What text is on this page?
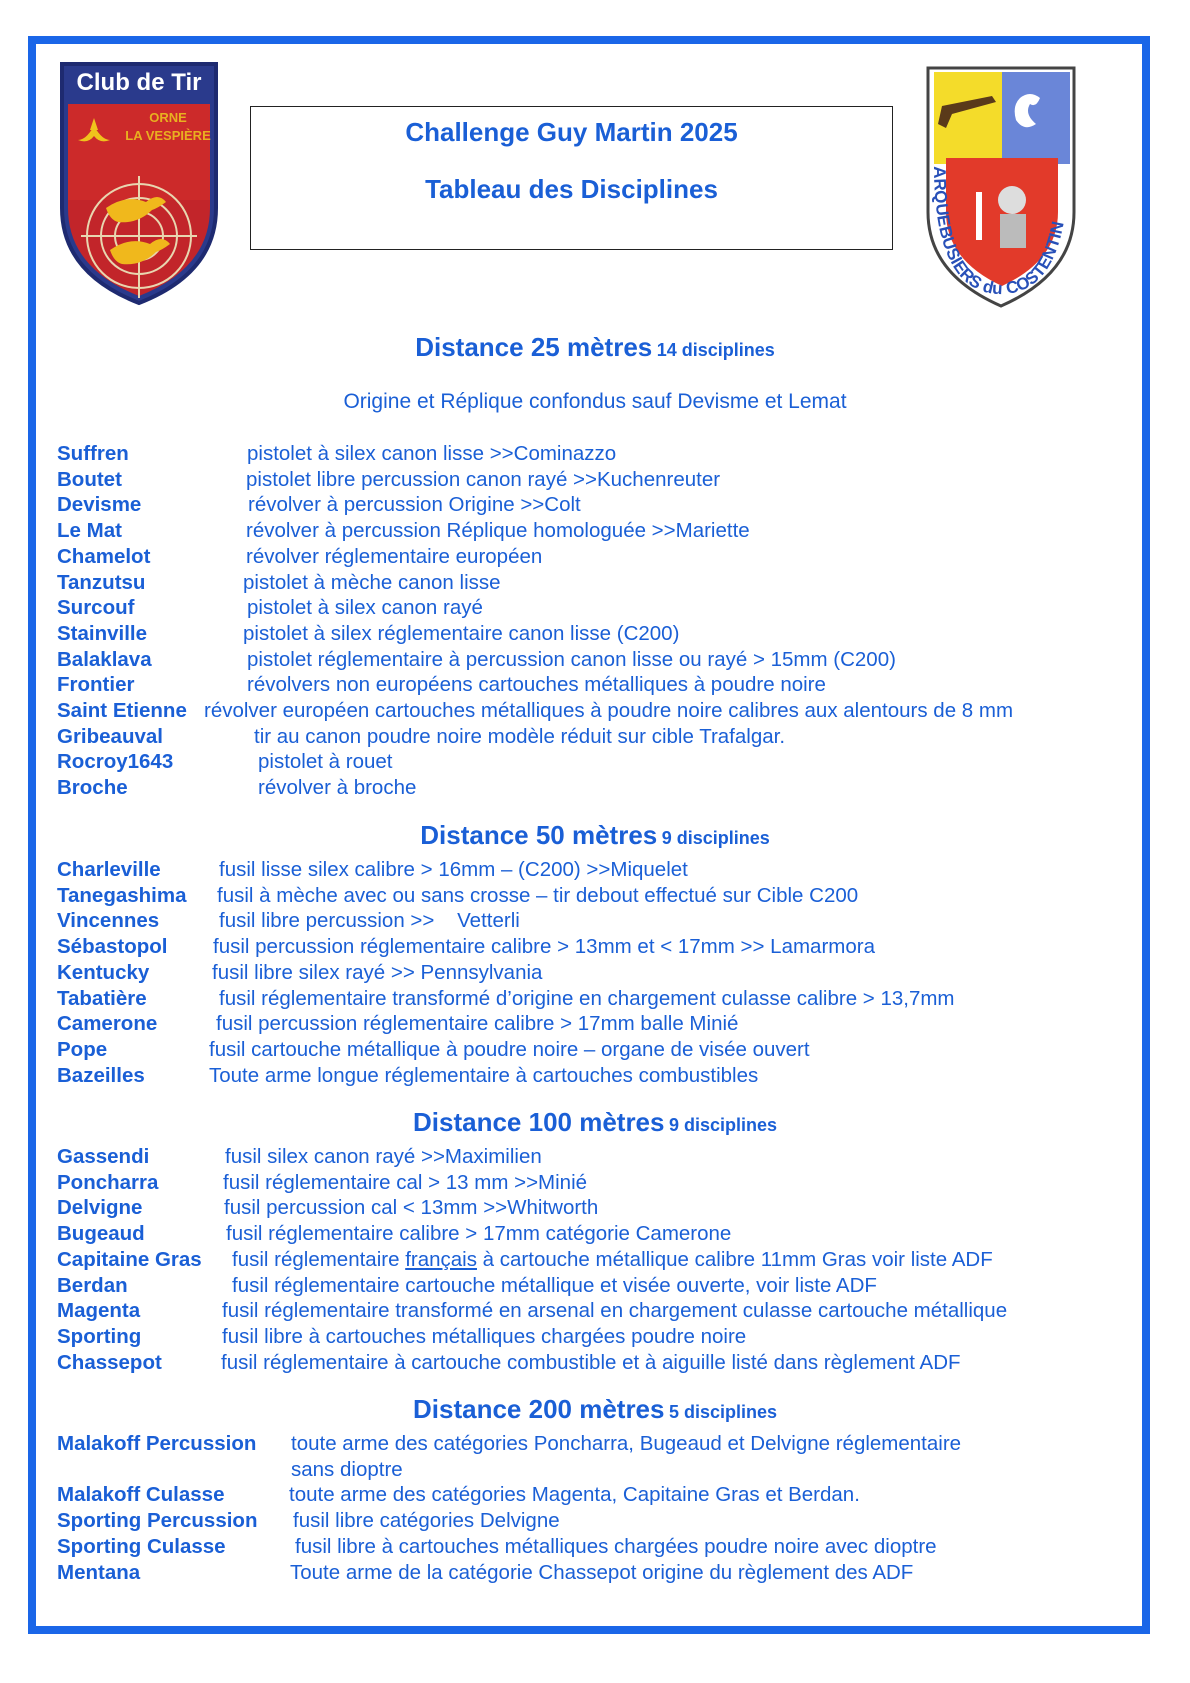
Club de Tir
ORNE
LA VESPIÈRE
ARQUEBUSIERS du COSTENTIN
Challenge Guy Martin 2025
Tableau des Disciplines
Distance 25 mètres 14 disciplines
Origine et Réplique confondus sauf Devisme et Lemat
Suffren	pistolet à silex canon lisse >>Cominazzo
Boutet	pistolet libre percussion canon rayé >>Kuchenreuter
Devisme	révolver à percussion Origine >>Colt
Le Mat	révolver à percussion Réplique homologuée >>Mariette
Chamelot	révolver réglementaire européen
Tanzutsu	pistolet à mèche canon lisse
Surcouf	pistolet à silex canon rayé
Stainville	pistolet à silex réglementaire canon lisse (C200)
Balaklava	pistolet réglementaire à percussion canon lisse ou rayé > 15mm (C200)
Frontier	révolvers non européens cartouches métalliques à poudre noire
Saint Etienne révolver européen cartouches métalliques à poudre noire calibres aux alentours de 8 mm
Gribeauval	tir au canon poudre noire modèle réduit sur cible Trafalgar.
Rocroy1643	pistolet à rouet
Broche	révolver à broche
Charleville	fusil lisse silex calibre > 16mm – (C200) >>Miquelet
Tanegashima fusil à mèche avec ou sans crosse – tir debout effectué sur Cible C200
Vincennes	fusil libre percussion >>    Vetterli
Sébastopol fusil percussion réglementaire calibre > 13mm et < 17mm >> Lamarmora
Kentucky	fusil libre silex rayé >> Pennsylvania
Tabatière	fusil réglementaire transformé d’origine en chargement culasse calibre > 13,7mm
Camerone	fusil percussion réglementaire calibre > 17mm balle Minié
Pope	fusil cartouche métallique à poudre noire – organe de visée ouvert
Bazeilles	Toute arme longue réglementaire à cartouches combustibles
Gassendi	fusil silex canon rayé >>Maximilien
Poncharra	fusil réglementaire cal > 13 mm >>Minié
Delvigne	fusil percussion cal < 13mm >>Whitworth
Bugeaud	fusil réglementaire calibre > 17mm catégorie Camerone
Capitaine Gras fusil réglementaire français à cartouche métallique calibre 11mm Gras voir liste ADF
Berdan	fusil réglementaire cartouche métallique et visée ouverte, voir liste ADF
Magenta	fusil réglementaire transformé en arsenal en chargement culasse cartouche métallique
Sporting	fusil libre à cartouches métalliques chargées poudre noire
Chassepot	fusil réglementaire à cartouche combustible et à aiguille listé dans règlement ADF
Malakoff Percussion toute arme des catégories Poncharra, Bugeaud et Delvigne réglementaire
sans dioptre
Malakoff Culasse	toute arme des catégories Magenta, Capitaine Gras et Berdan.
Sporting Percussion fusil libre catégories Delvigne
Sporting Culasse	fusil libre à cartouches métalliques chargées poudre noire avec dioptre
Mentana	Toute arme de la catégorie Chassepot origine du règlement des ADF
Distance 50 mètres 9 disciplines
Distance 100 mètres 9 disciplines
Distance 200 mètres 5 disciplines
